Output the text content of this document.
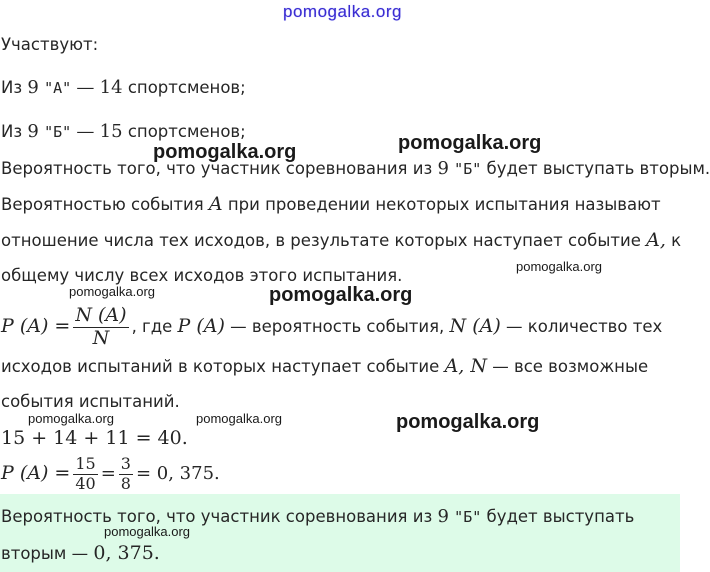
pomogalka.org

Участвуют:

Из 9 "А" — 14 спортсменов;

Из 9 "Б" — 15 спортсменов;

Вероятность того, что участник соревнования из 9 "Б" будет выступать вторым.

Вероятностью события A при проведении некоторых испытания называют

отношение числа тех исходов, в результате которых наступает событие A, к

общему числу всех исходов этого испытания.

P $(A) = \frac{N (A)}{N}$ , где P (A) — вероятность события, N (A) — количество тех

исходов испытаний в которых наступает событие A, N — все возможные

события испытаний.

15 + 14 + 11 = 40.

P $(A) = \frac{15}{40} = \frac{3}{8} = 0$, 375.

Вероятность того, что участник соревнования из 9 "Б" будет выступать

вторым — 0, 375.

pomogalka.org
pomogalka.org
pomogalka.org
pomogalka.org	pomogalka.org
pomogalka.org	pomogalka.org	pomogalka.org
pomogalka.org
